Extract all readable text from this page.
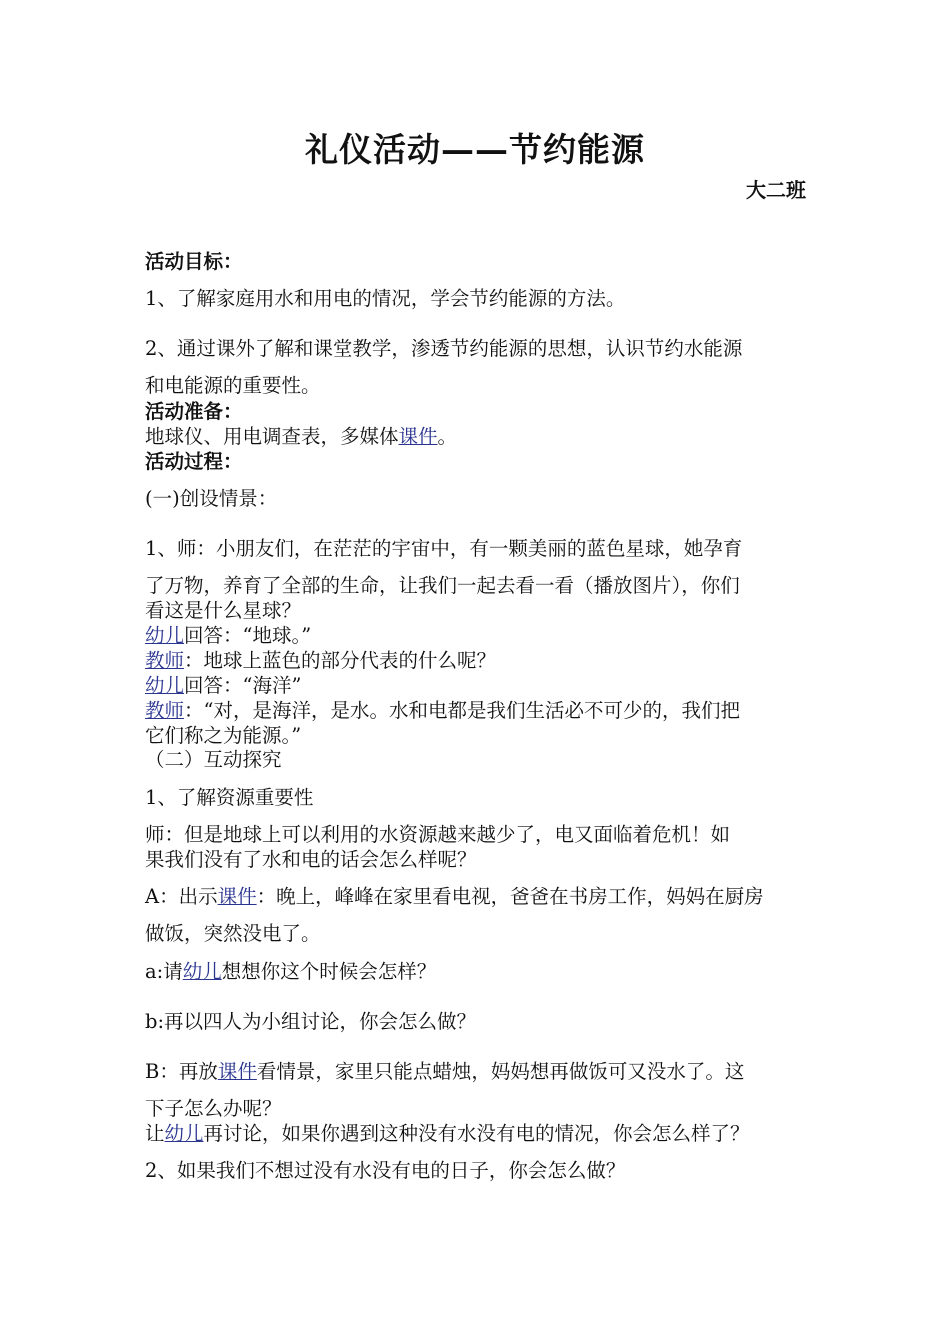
礼仪活动——节约能源
大二班
活动目标：
1、了解家庭用水和用电的情况，学会节约能源的方法。
2、通过课外了解和课堂教学，渗透节约能源的思想，认识节约水能源
和电能源的重要性。
活动准备：
地球仪、用电调查表，多媒体课件。
活动过程：
(一)创设情景：
1、师：小朋友们，在茫茫的宇宙中，有一颗美丽的蓝色星球，她孕育
了万物，养育了全部的生命，让我们一起去看一看（播放图片），你们
看这是什么星球？
幼儿回答：“地球。”
教师：地球上蓝色的部分代表的什么呢？
幼儿回答：“海洋”
教师：“对，是海洋，是水。水和电都是我们生活必不可少的，我们把
它们称之为能源。”
（二）互动探究
1、了解资源重要性
师：但是地球上可以利用的水资源越来越少了，电又面临着危机！如
果我们没有了水和电的话会怎么样呢？
A：出示课件：晚上，峰峰在家里看电视，爸爸在书房工作，妈妈在厨房
做饭，突然没电了。
a:请幼儿想想你这个时候会怎样？
b:再以四人为小组讨论，你会怎么做？
B：再放课件看情景，家里只能点蜡烛，妈妈想再做饭可又没水了。这
下子怎么办呢？
让幼儿再讨论，如果你遇到这种没有水没有电的情况，你会怎么样了？
2、如果我们不想过没有水没有电的日子，你会怎么做？
